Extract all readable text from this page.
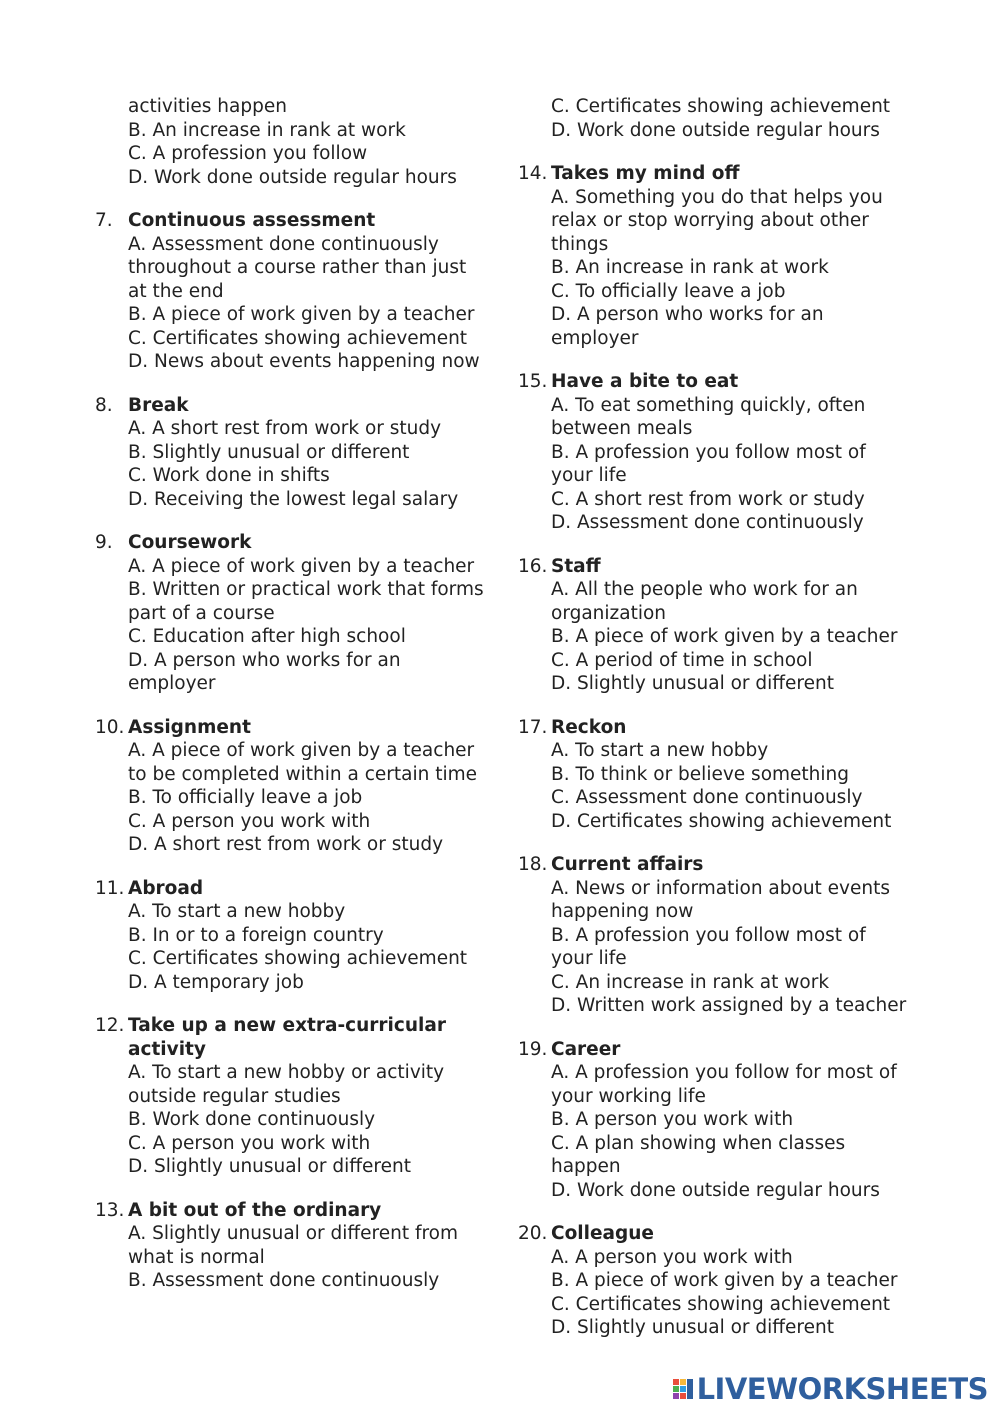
activities happen
B. An increase in rank at work
C. A profession you follow
D. Work done outside regular hours
7. Continuous assessment
A. Assessment done continuously throughout a course rather than just at the end
B. A piece of work given by a teacher
C. Certificates showing achievement
D. News about events happening now
8. Break
A. A short rest from work or study
B. Slightly unusual or different
C. Work done in shifts
D. Receiving the lowest legal salary
9. Coursework
A. A piece of work given by a teacher
B. Written or practical work that forms part of a course
C. Education after high school
D. A person who works for an employer
10. Assignment
A. A piece of work given by a teacher to be completed within a certain time
B. To officially leave a job
C. A person you work with
D. A short rest from work or study
11. Abroad
A. To start a new hobby
B. In or to a foreign country
C. Certificates showing achievement
D. A temporary job
12. Take up a new extra-curricular activity
A. To start a new hobby or activity outside regular studies
B. Work done continuously
C. A person you work with
D. Slightly unusual or different
13. A bit out of the ordinary
A. Slightly unusual or different from what is normal
B. Assessment done continuously
C. Certificates showing achievement
D. Work done outside regular hours
14. Takes my mind off
A. Something you do that helps you relax or stop worrying about other things
B. An increase in rank at work
C. To officially leave a job
D. A person who works for an employer
15. Have a bite to eat
A. To eat something quickly, often between meals
B. A profession you follow most of your life
C. A short rest from work or study
D. Assessment done continuously
16. Staff
A. All the people who work for an organization
B. A piece of work given by a teacher
C. A period of time in school
D. Slightly unusual or different
17. Reckon
A. To start a new hobby
B. To think or believe something
C. Assessment done continuously
D. Certificates showing achievement
18. Current affairs
A. News or information about events happening now
B. A profession you follow most of your life
C. An increase in rank at work
D. Written work assigned by a teacher
19. Career
A. A profession you follow for most of your working life
B. A person you work with
C. A plan showing when classes happen
D. Work done outside regular hours
20. Colleague
A. A person you work with
B. A piece of work given by a teacher
C. Certificates showing achievement
D. Slightly unusual or different
LIVEWORKSHEETS
